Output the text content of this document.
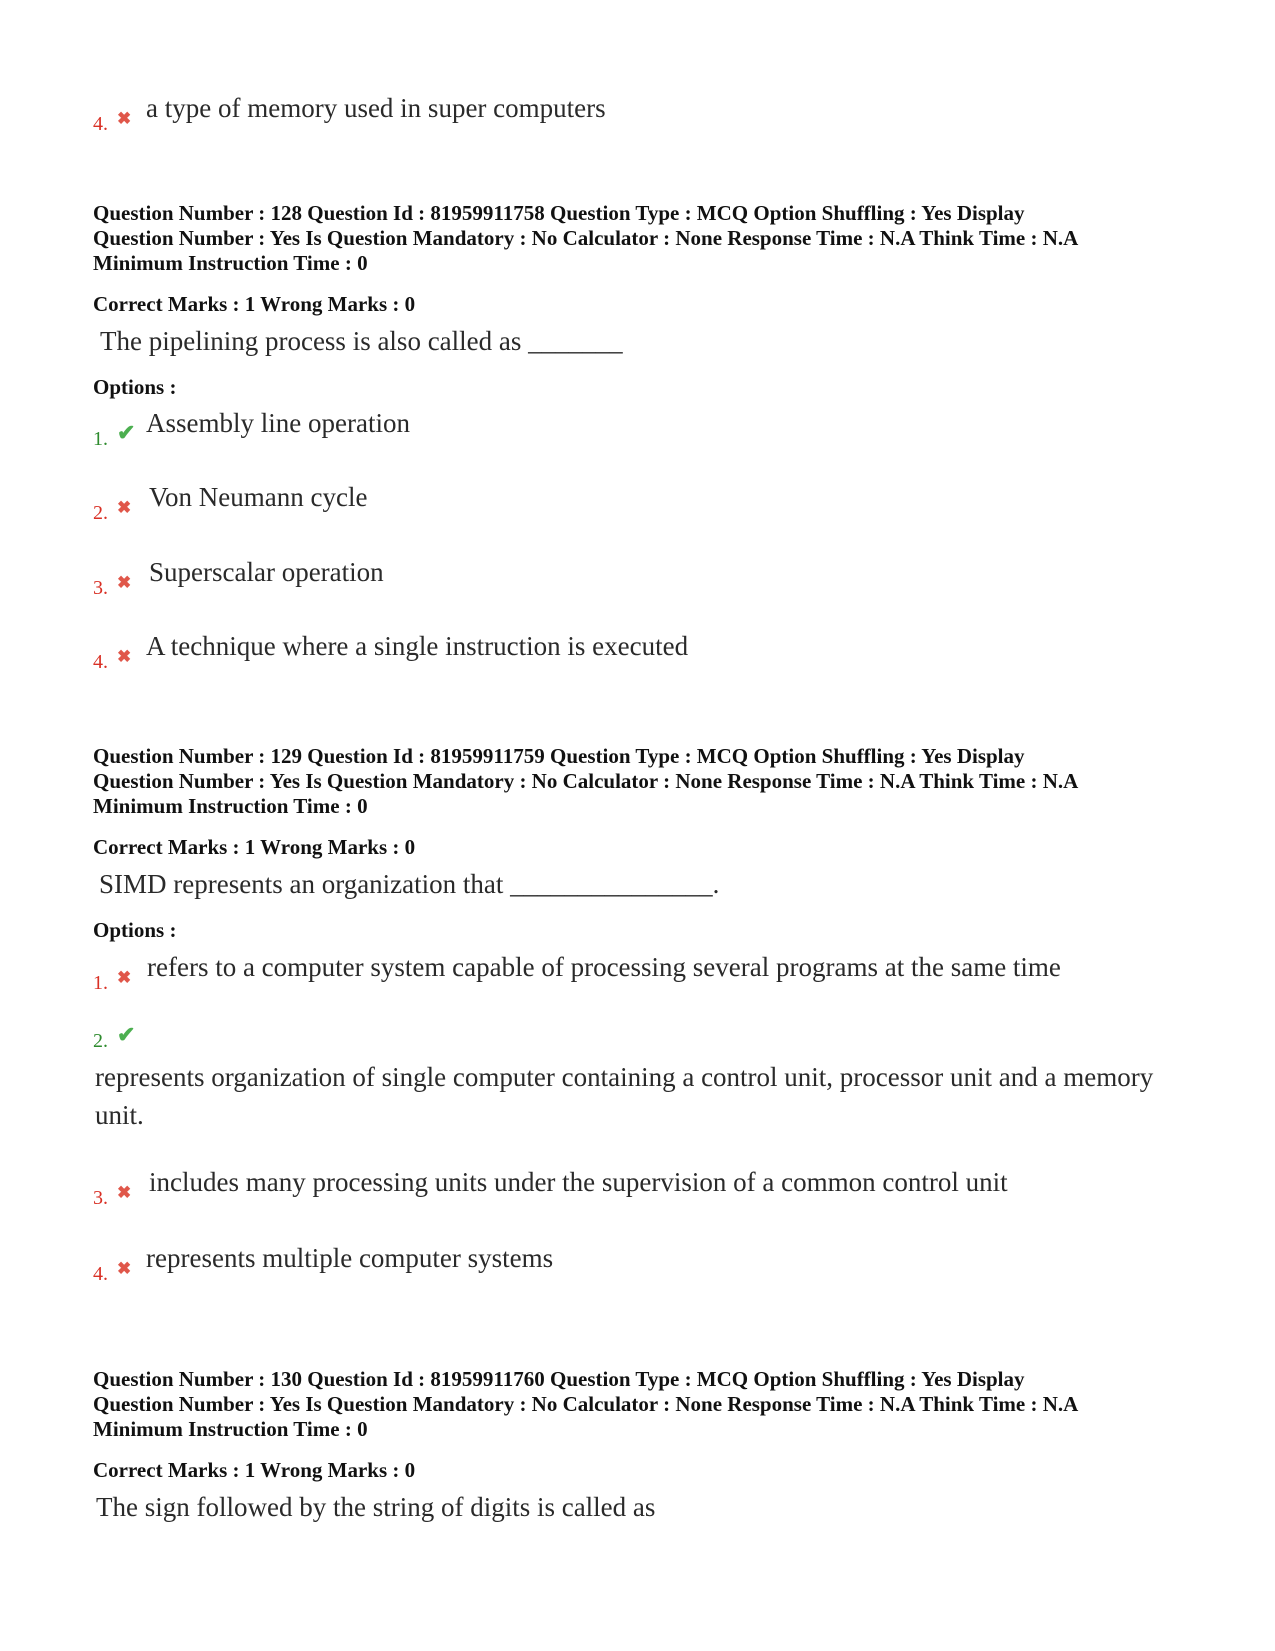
4. ✖ a type of memory used in super computers

Question Number : 128 Question Id : 81959911758 Question Type : MCQ Option Shuffling : Yes Display

Question Number : Yes Is Question Mandatory : No Calculator : None Response Time : N.A Think Time : N.A

Minimum Instruction Time : 0

Correct Marks : 1 Wrong Marks : 0

The pipelining process is also called as _______
Options :
1. ✔ Assembly line operation
2. ✖ Von Neumann cycle
3. ✖ Superscalar operation
4. ✖ A technique where a single instruction is executed

Question Number : 129 Question Id : 81959911759 Question Type : MCQ Option Shuffling : Yes Display

Question Number : Yes Is Question Mandatory : No Calculator : None Response Time : N.A Think Time : N.A

Minimum Instruction Time : 0

Correct Marks : 1 Wrong Marks : 0

SIMD represents an organization that _______________.
Options :
1. ✖ refers to a computer system capable of processing several programs at the same time
2. ✔
represents organization of single computer containing a control unit, processor unit and a memory unit.
3. ✖ includes many processing units under the supervision of a common control unit
4. ✖ represents multiple computer systems

Question Number : 130 Question Id : 81959911760 Question Type : MCQ Option Shuffling : Yes Display

Question Number : Yes Is Question Mandatory : No Calculator : None Response Time : N.A Think Time : N.A

Minimum Instruction Time : 0

Correct Marks : 1 Wrong Marks : 0

The sign followed by the string of digits is called as
